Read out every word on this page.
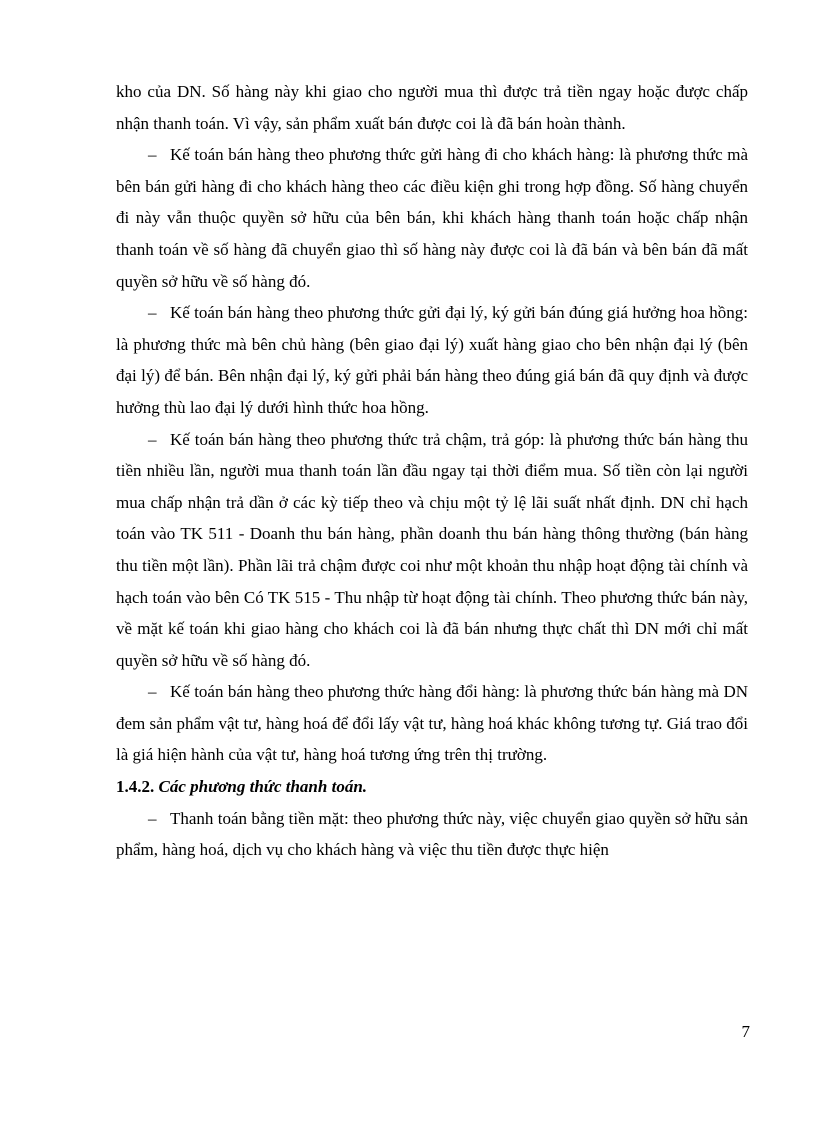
kho của DN. Số hàng này khi giao cho người mua thì được trả tiền ngay hoặc được chấp nhận thanh toán. Vì vậy, sản phẩm xuất bán được coi là đã bán hoàn thành.

– Kế toán bán hàng theo phương thức gửi hàng đi cho khách hàng: là phương thức mà bên bán gửi hàng đi cho khách hàng theo các điều kiện ghi trong hợp đồng. Số hàng chuyển đi này vẫn thuộc quyền sở hữu của bên bán, khi khách hàng thanh toán hoặc chấp nhận thanh toán về số hàng đã chuyển giao thì số hàng này được coi là đã bán và bên bán đã mất quyền sở hữu về số hàng đó.

– Kế toán bán hàng theo phương thức gửi đại lý, ký gửi bán đúng giá hưởng hoa hồng: là phương thức mà bên chủ hàng (bên giao đại lý) xuất hàng giao cho bên nhận đại lý (bên đại lý) để bán. Bên nhận đại lý, ký gửi phải bán hàng theo đúng giá bán đã quy định và được hưởng thù lao đại lý dưới hình thức hoa hồng.

– Kế toán bán hàng theo phương thức trả chậm, trả góp: là phương thức bán hàng thu tiền nhiều lần, người mua thanh toán lần đầu ngay tại thời điểm mua. Số tiền còn lại người mua chấp nhận trả dần ở các kỳ tiếp theo và chịu một tỷ lệ lãi suất nhất định. DN chỉ hạch toán vào TK 511 - Doanh thu bán hàng, phần doanh thu bán hàng thông thường (bán hàng thu tiền một lần). Phần lãi trả chậm được coi như một khoản thu nhập hoạt động tài chính và hạch toán vào bên Có TK 515 - Thu nhập từ hoạt động tài chính. Theo phương thức bán này, về mặt kế toán khi giao hàng cho khách coi là đã bán nhưng thực chất thì DN mới chỉ mất quyền sở hữu về số hàng đó.

– Kế toán bán hàng theo phương thức hàng đổi hàng: là phương thức bán hàng mà DN đem sản phẩm vật tư, hàng hoá để đổi lấy vật tư, hàng hoá khác không tương tự. Giá trao đổi là giá hiện hành của vật tư, hàng hoá tương ứng trên thị trường.

1.4.2. Các phương thức thanh toán.

– Thanh toán bằng tiền mặt: theo phương thức này, việc chuyển giao quyền sở hữu sản phẩm, hàng hoá, dịch vụ cho khách hàng và việc thu tiền được thực hiện

7
